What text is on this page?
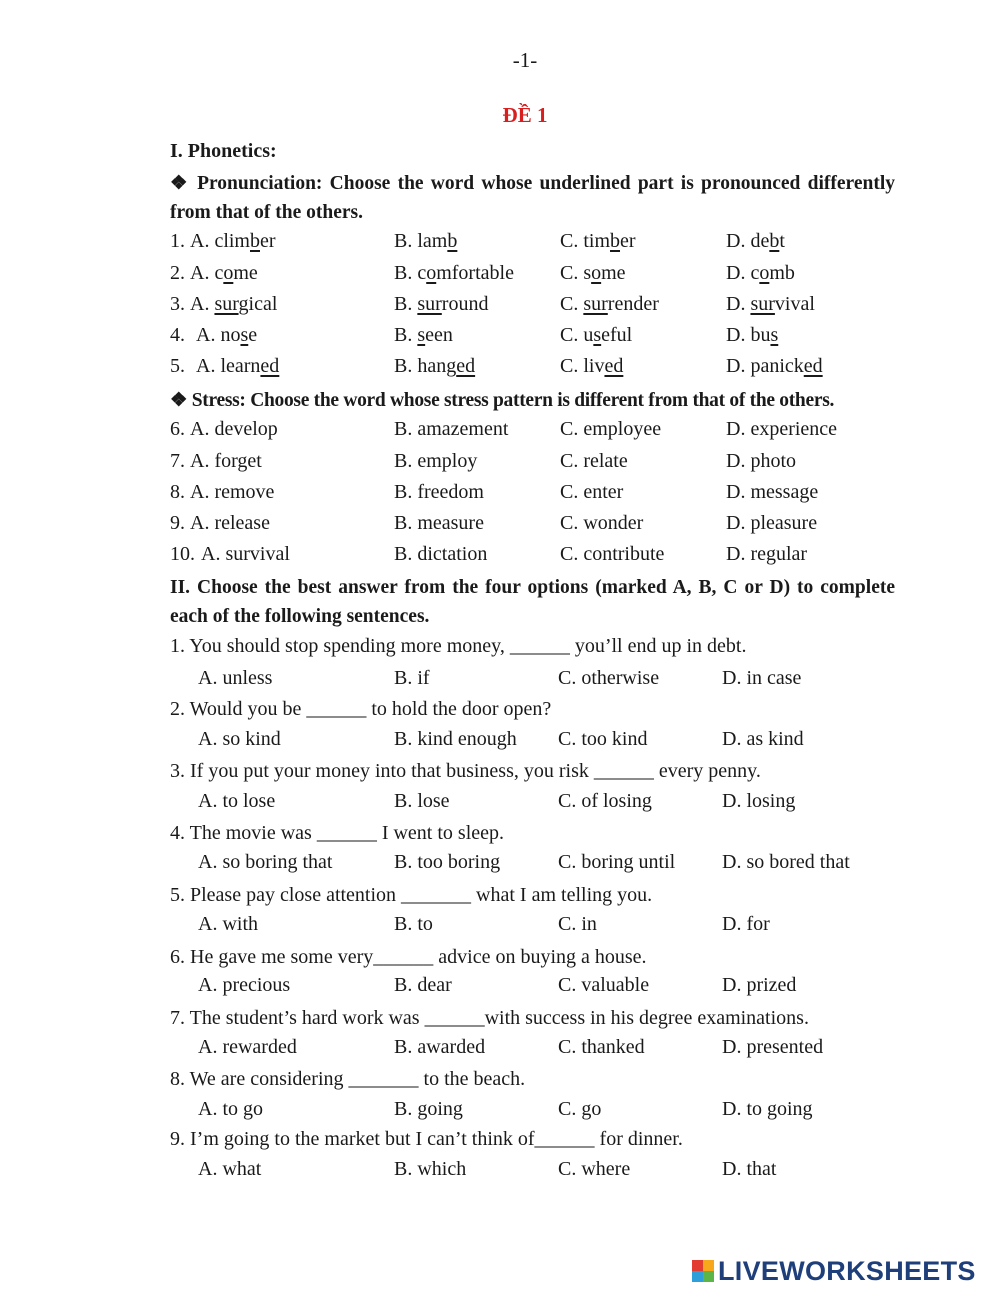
-1-
ĐỀ 1
I. Phonetics:
❖ Pronunciation: Choose the word whose underlined part is pronounced differently from that of the others.
1. A. climber	B. lamb	C. timber	D. debt
2. A. come	B. comfortable C. some	D. comb
3. A. surgical	B. surround	C. surrender	D. survival
4. A. nose	B. seen	C. useful	D. bus
5. A. learned	B. hanged	C. lived	D. panicked
❖ Stress: Choose the word whose stress pattern is different from that of the others.
6. A. develop	B. amazement	C. employee	D. experience
7. A. forget	B. employ	C. relate	D. photo
8. A. remove	B. freedom	C. enter	D. message
9. A. release	B. measure	C. wonder	D. pleasure
10. A. survival	B. dictation	C. contribute	D. regular
II. Choose the best answer from the four options (marked A, B, C or D) to complete each of the following sentences.
1. You should stop spending more money, ______ you’ll end up in debt.
A. unless	B. if	C. otherwise	D. in case
2. Would you be ______ to hold the door open?
A. so kind	B. kind enough C. too kind	D. as kind
3. If you put your money into that business, you risk ______ every penny.
A. to lose	B. lose	C. of losing	D. losing
4. The movie was ______ I went to sleep.
A. so boring that	B. too boring	C. boring until D. so bored that
5. Please pay close attention _______ what I am telling you.
A. with	B. to	C. in	D. for
6. He gave me some very______ advice on buying a house.
A. precious	B. dear	C. valuable	D. prized
7. The student’s hard work was ______with success in his degree examinations.
A. rewarded	B. awarded	C. thanked	D. presented
8. We are considering _______ to the beach.
A. to go	B. going	C. go	D. to going
9. I’m going to the market but I can’t think of______ for dinner.
A. what	B. which	C. where	D. that
LIVEWORKSHEETS
